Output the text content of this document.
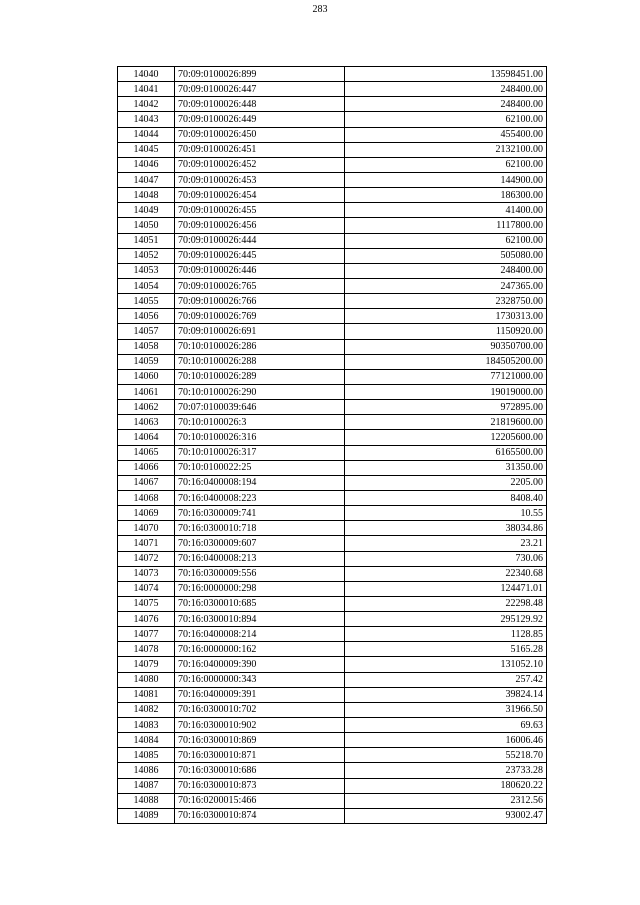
283
14040	70:09:0100026:899	13598451.00
14041	70:09:0100026:447	248400.00
14042	70:09:0100026:448	248400.00
14043	70:09:0100026:449	62100.00
14044	70:09:0100026:450	455400.00
14045	70:09:0100026:451	2132100.00
14046	70:09:0100026:452	62100.00
14047	70:09:0100026:453	144900.00
14048	70:09:0100026:454	186300.00
14049	70:09:0100026:455	41400.00
14050	70:09:0100026:456	1117800.00
14051	70:09:0100026:444	62100.00
14052	70:09:0100026:445	505080.00
14053	70:09:0100026:446	248400.00
14054	70:09:0100026:765	247365.00
14055	70:09:0100026:766	2328750.00
14056	70:09:0100026:769	1730313.00
14057	70:09:0100026:691	1150920.00
14058	70:10:0100026:286	90350700.00
14059	70:10:0100026:288	184505200.00
14060	70:10:0100026:289	77121000.00
14061	70:10:0100026:290	19019000.00
14062	70:07:0100039:646	972895.00
14063	70:10:0100026:3	21819600.00
14064	70:10:0100026:316	12205600.00
14065	70:10:0100026:317	6165500.00
14066	70:10:0100022:25	31350.00
14067	70:16:0400008:194	2205.00
14068	70:16:0400008:223	8408.40
14069	70:16:0300009:741	10.55
14070	70:16:0300010:718	38034.86
14071	70:16:0300009:607	23.21
14072	70:16:0400008:213	730.06
14073	70:16:0300009:556	22340.68
14074	70:16:0000000:298	124471.01
14075	70:16:0300010:685	22298.48
14076	70:16:0300010:894	295129.92
14077	70:16:0400008:214	1128.85
14078	70:16:0000000:162	5165.28
14079	70:16:0400009:390	131052.10
14080	70:16:0000000:343	257.42
14081	70:16:0400009:391	39824.14
14082	70:16:0300010:702	31966.50
14083	70:16:0300010:902	69.63
14084	70:16:0300010:869	16006.46
14085	70:16:0300010:871	55218.70
14086	70:16:0300010:686	23733.28
14087	70:16:0300010:873	180620.22
14088	70:16:0200015:466	2312.56
14089	70:16:0300010:874	93002.47
